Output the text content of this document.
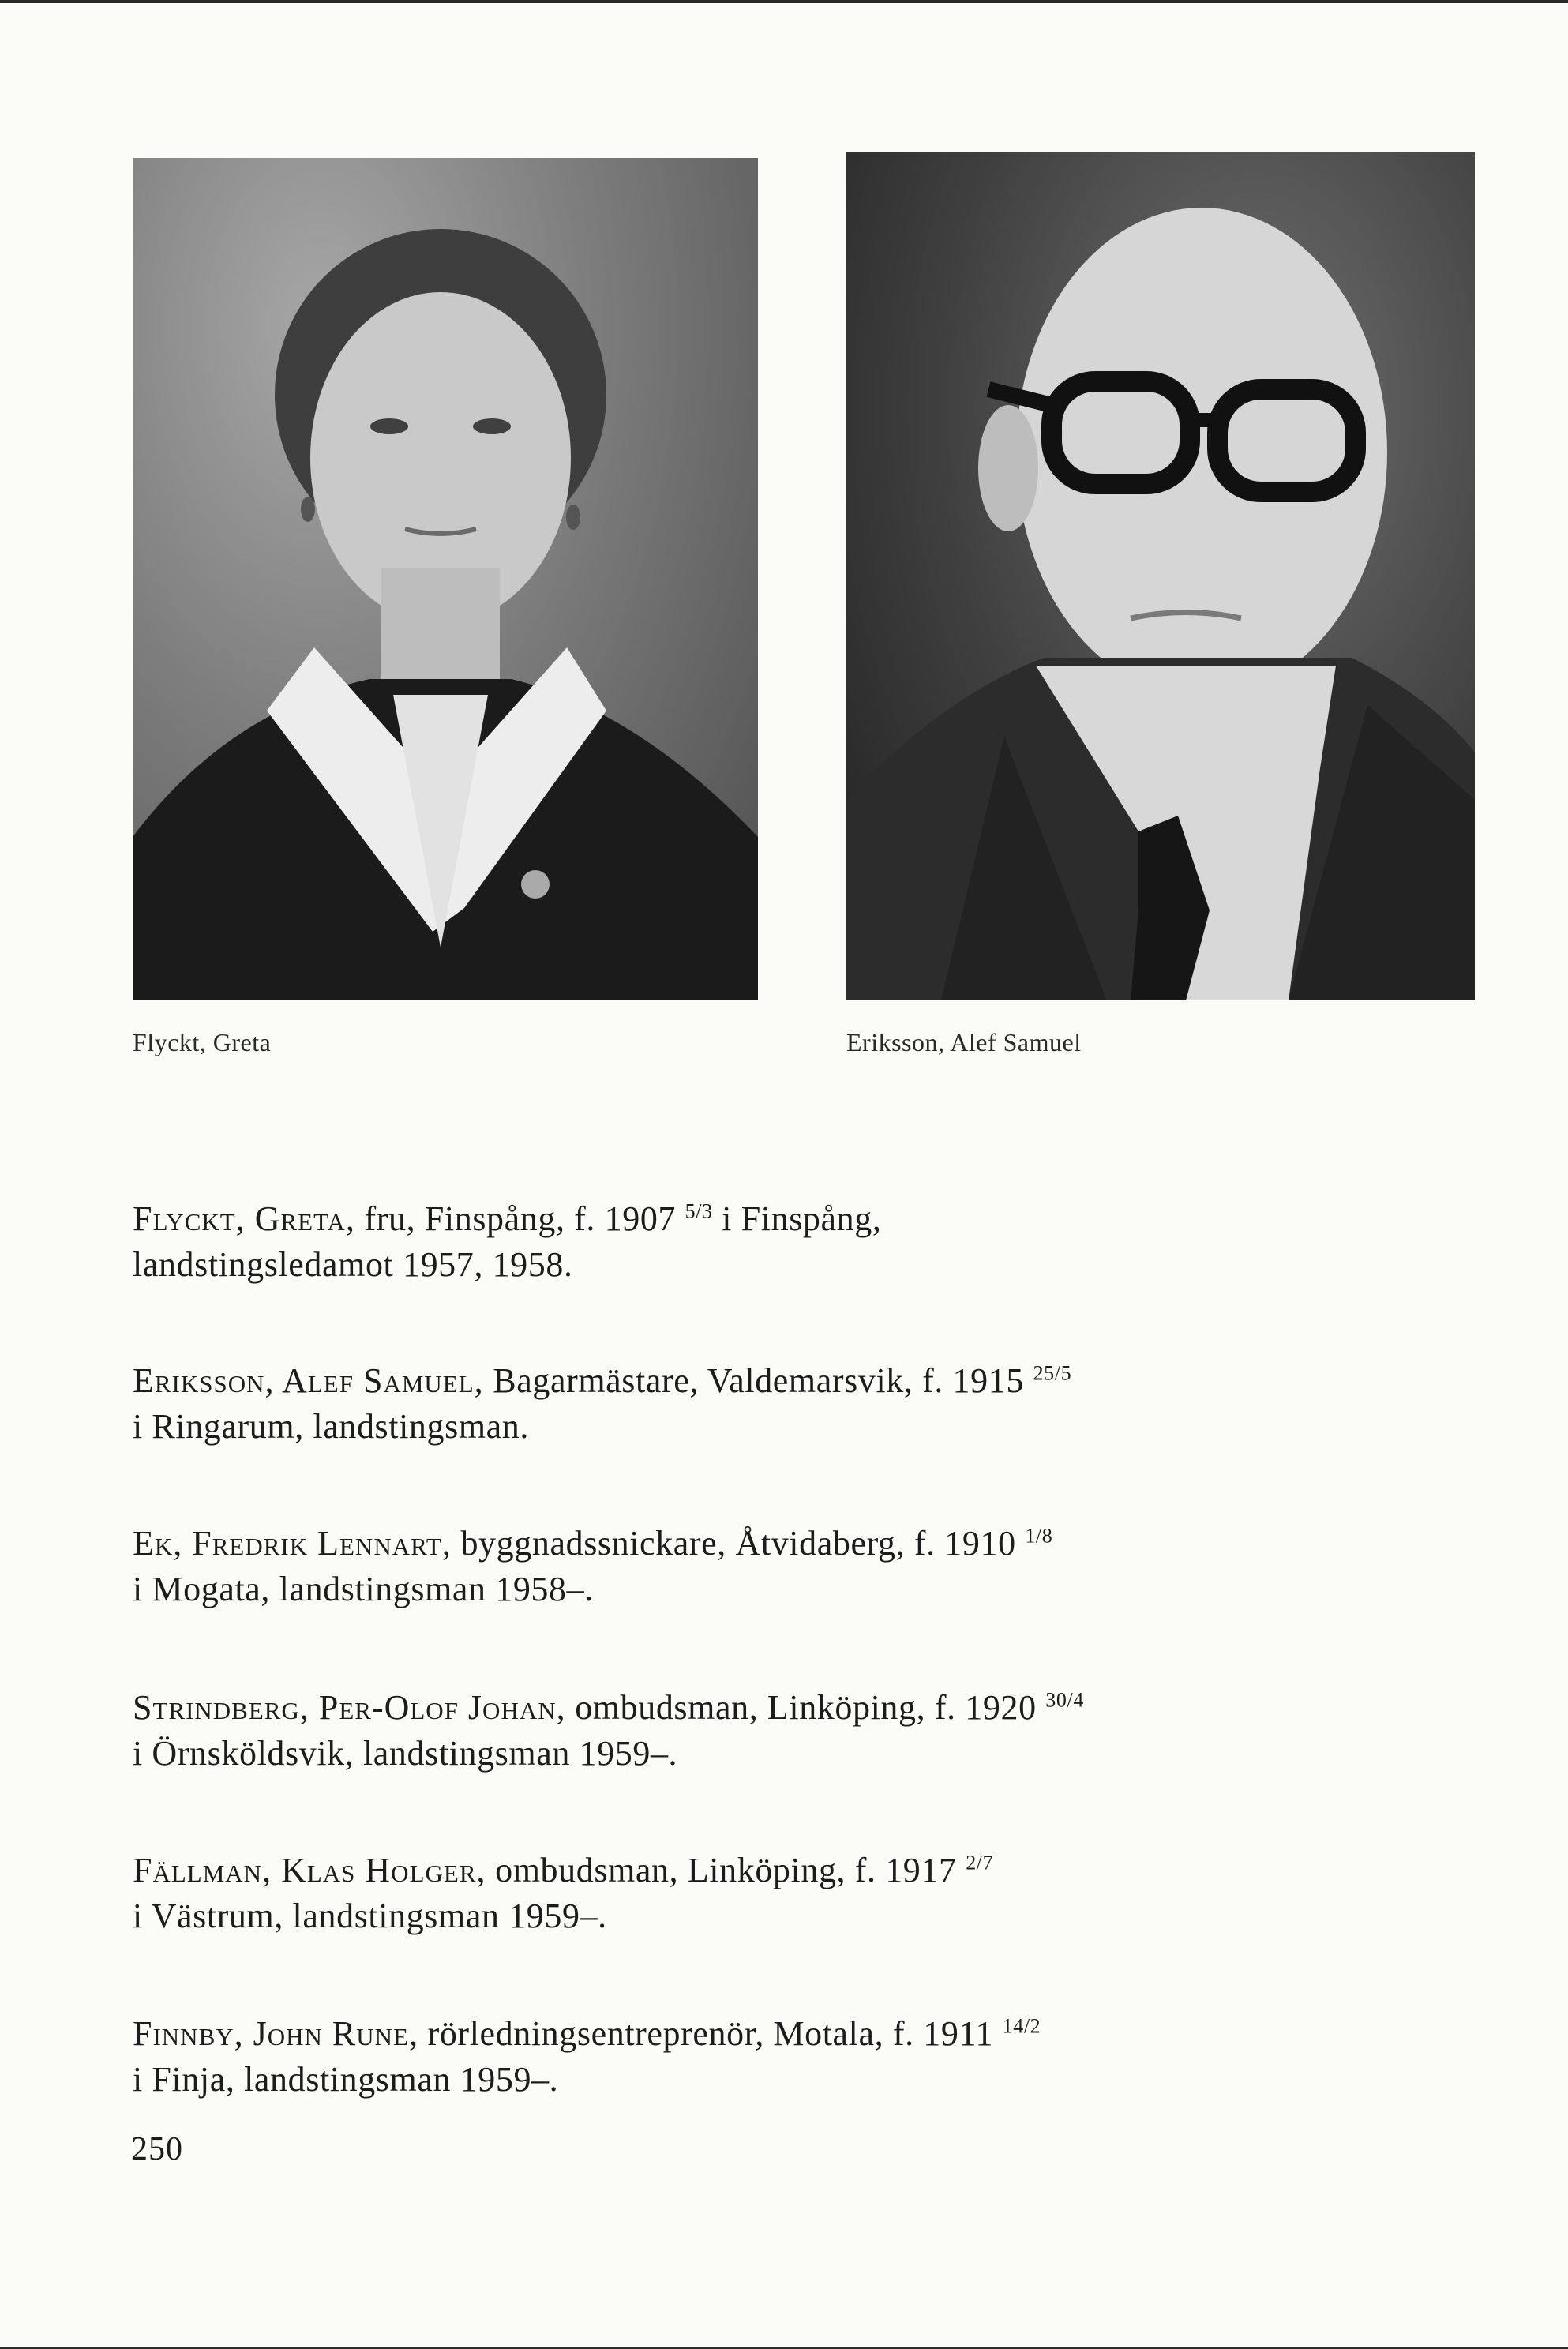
Flyckt, Greta	Eriksson, Alef Samuel
Flyckt, Greta, fru, Finspång, f. 1907 $^{5/3}$ i Finspång,
landstingsledamot 1957, 1958.
Eriksson, Alef Samuel, Bagarmästare, Valdemarsvik, f. 1915 $^{25/5}$
i Ringarum, landstingsman.
Ek, Fredrik Lennart, byggnadssnickare, Åtvidaberg, f. 1910 $^{1/8}$
i Mogata, landstingsman 1958–.
Strindberg, Per-Olof Johan, ombudsman, Linköping, f. 1920 $^{30/4}$
i Örnsköldsvik, landstingsman 1959–.
Fällman, Klas Holger, ombudsman, Linköping, f. 1917 $^{2/7}$
i Västrum, landstingsman 1959–.
Finnby, John Rune, rörledningsentreprenör, Motala, f. 1911 $^{14/2}$
i Finja, landstingsman 1959–.
250
